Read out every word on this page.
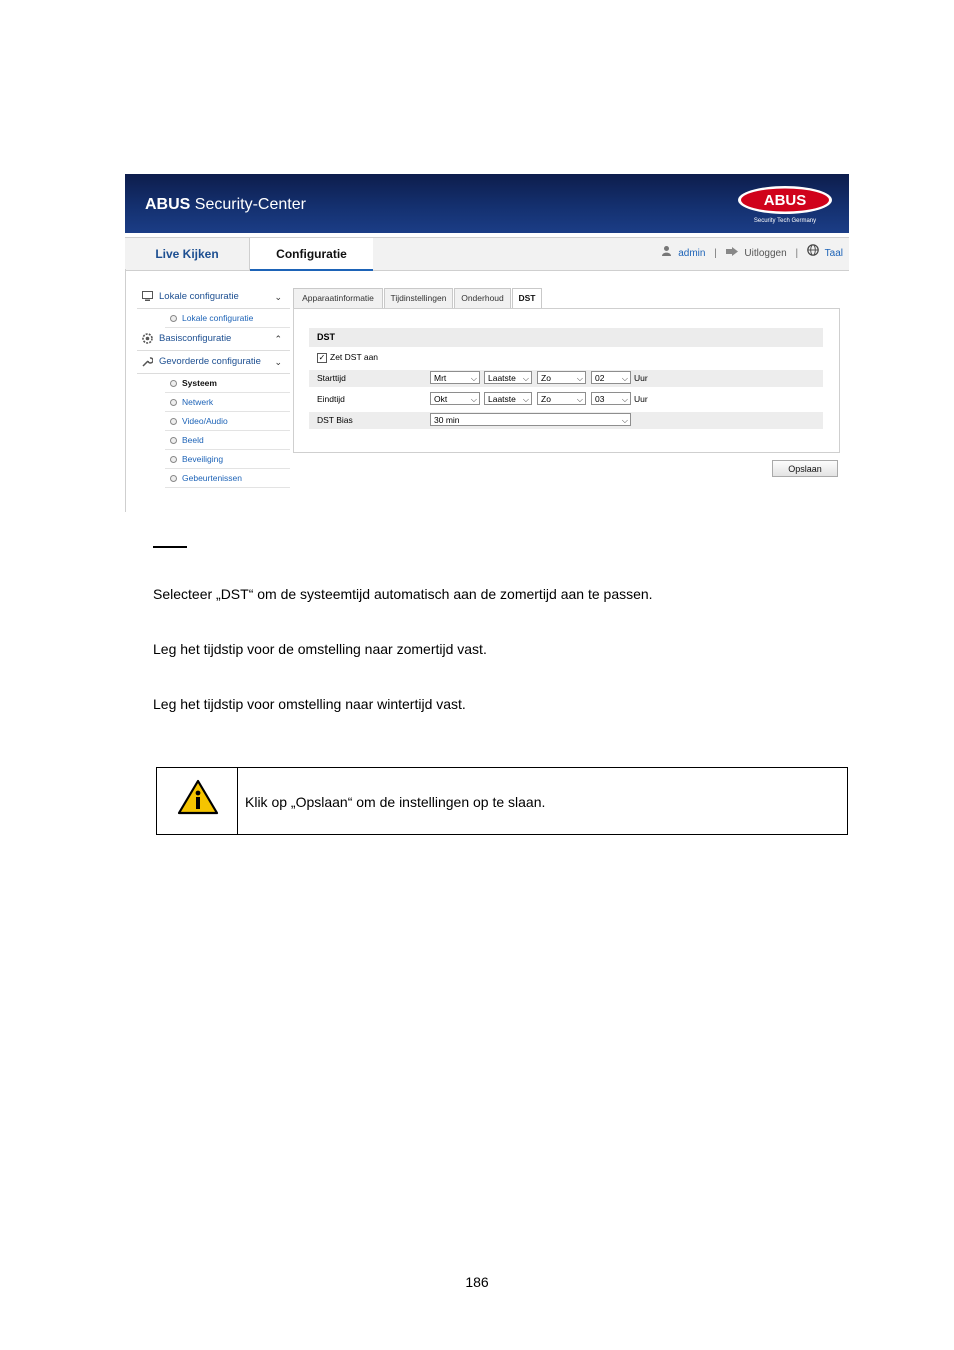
ABUS Security-Center	ABUS
Security Tech Germany
Live Kijken	Configuratie	admin |	Uitloggen |	Taal
Lokale configuratie	⌄
Lokale configuratie
Basisconfiguratie	⌃
Gevorderde configuratie ⌄
Systeem
Netwerk
Video/Audio
Beeld
Beveiliging
Gebeurtenissen
Apparaatinformatie	Tijdinstellingen	Onderhoud	DST
DST
✓ Zet DST aan
Starttijd	Mrt	⌵	Laatste ⌵	Zo	⌵	02 ⌵ Uur
Eindtijd	Okt	⌵	Laatste ⌵	Zo	⌵	03 ⌵ Uur
DST Bias	30 min	⌵
Opslaan
Selecteer „DST“ om de systeemtijd automatisch aan de zomertijd aan te passen.
Leg het tijdstip voor de omstelling naar zomertijd vast.
Leg het tijdstip voor omstelling naar wintertijd vast.
Klik op „Opslaan“ om de instellingen op te slaan.
186
